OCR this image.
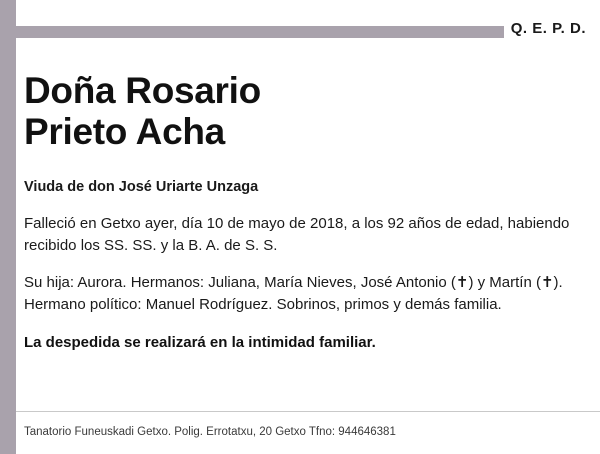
Q. E. P. D.
Doña Rosario
Prieto Acha
Viuda de don José Uriarte Unzaga

Falleció en Getxo ayer, día 10 de mayo de 2018, a los 92 años de edad, habiendo recibido los SS. SS. y la B. A. de S. S.

Su hija: Aurora. Hermanos: Juliana, María Nieves, José Antonio (✝) y Martín (✝). Hermano político: Manuel Rodríguez. Sobrinos, primos y demás familia.

La despedida se realizará en la intimidad familiar.

Tanatorio Funeuskadi Getxo. Polig. Errotatxu, 20 Getxo Tfno: 944646381
